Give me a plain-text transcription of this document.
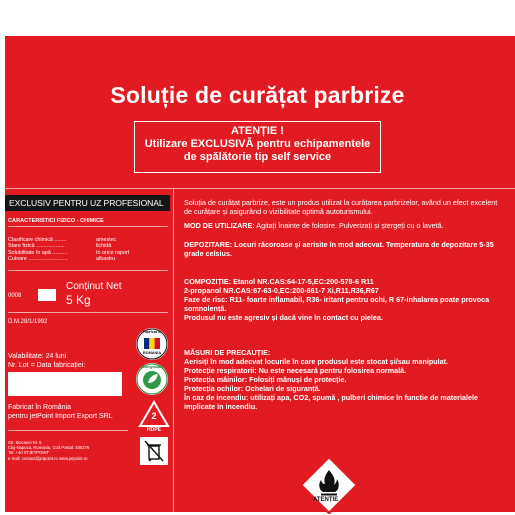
Soluție de curățat parbrize
ATENȚIE !
Utilizare EXCLUSIVĂ pentru echipamentele
de spălătorie tip self service
EXCLUSIV PENTRU UZ PROFESIONAL
CARACTERISTICI FIZICO - CHIMICE
Clasificare chimică ........	amestec
Stare fizică ...................	lichidă
Solubilitate în apă ..........	în orice raport
Culoare ..........................	albastru
0008
Conținut Net
5 Kg
D.M.28/1/1992
Valabilitate: 24 luni
Nr. Lot = Data fabricației:
Fabricat în România
pentru jetPoint Import Export SRL
Str. Siocanei Nr. 5
Cluj-Napoca, Romania, Cod Postal: 400276
Tel: +40 0TJETPOINT
e-mail: contact@jetpoint.ro www.jetpoint.ro
Fabricat în
ROMANIA
Biodegradabil
2
HDPE
Soluția de curățat parbrize, este un produs utilizat la curățarea parbrizelor, având un efect excelent de curățare și asigurând o vizibilitate optimă autoturismului.
MOD DE UTILIZARE: Agitați înainte de folosire. Pulverizați și ștergeți cu o lavetă.
DEPOZITARE: Locuri răcoroase și aerisite în mod adecvat. Temperatura de depozitare 5-35 grade celsius.
COMPOZIȚIE: Etanol NR.CAS:64-17-5,EC:200-578-6 R11
2-propanol NR.CAS:67-63-0,EC:200-661-7 Xi,R11,R36,R67
Faze de risc: R11- foarte inflamabil, R36- iritant pentru ochi, R 67-inhalarea poate provoca
somnolență.
Produsul nu este agresiv și dacă vine în contact cu pielea.
MĂSURI DE PRECAUȚIE:
Aerisiți în mod adecvat locurile în care produsul este stocat și/sau manipulat.
Protecție respiratorii: Nu este necesară pentru folosirea normală.
Protecția mâinilor: Folosiți mânuși de protecție.
Protecția ochilor: Ochelari de siguranță.
În caz de incendiu: utilizați apa, CO2, spumă , pulberi chimice în functie de materialele implicate în incendiu.
ATENȚIE
